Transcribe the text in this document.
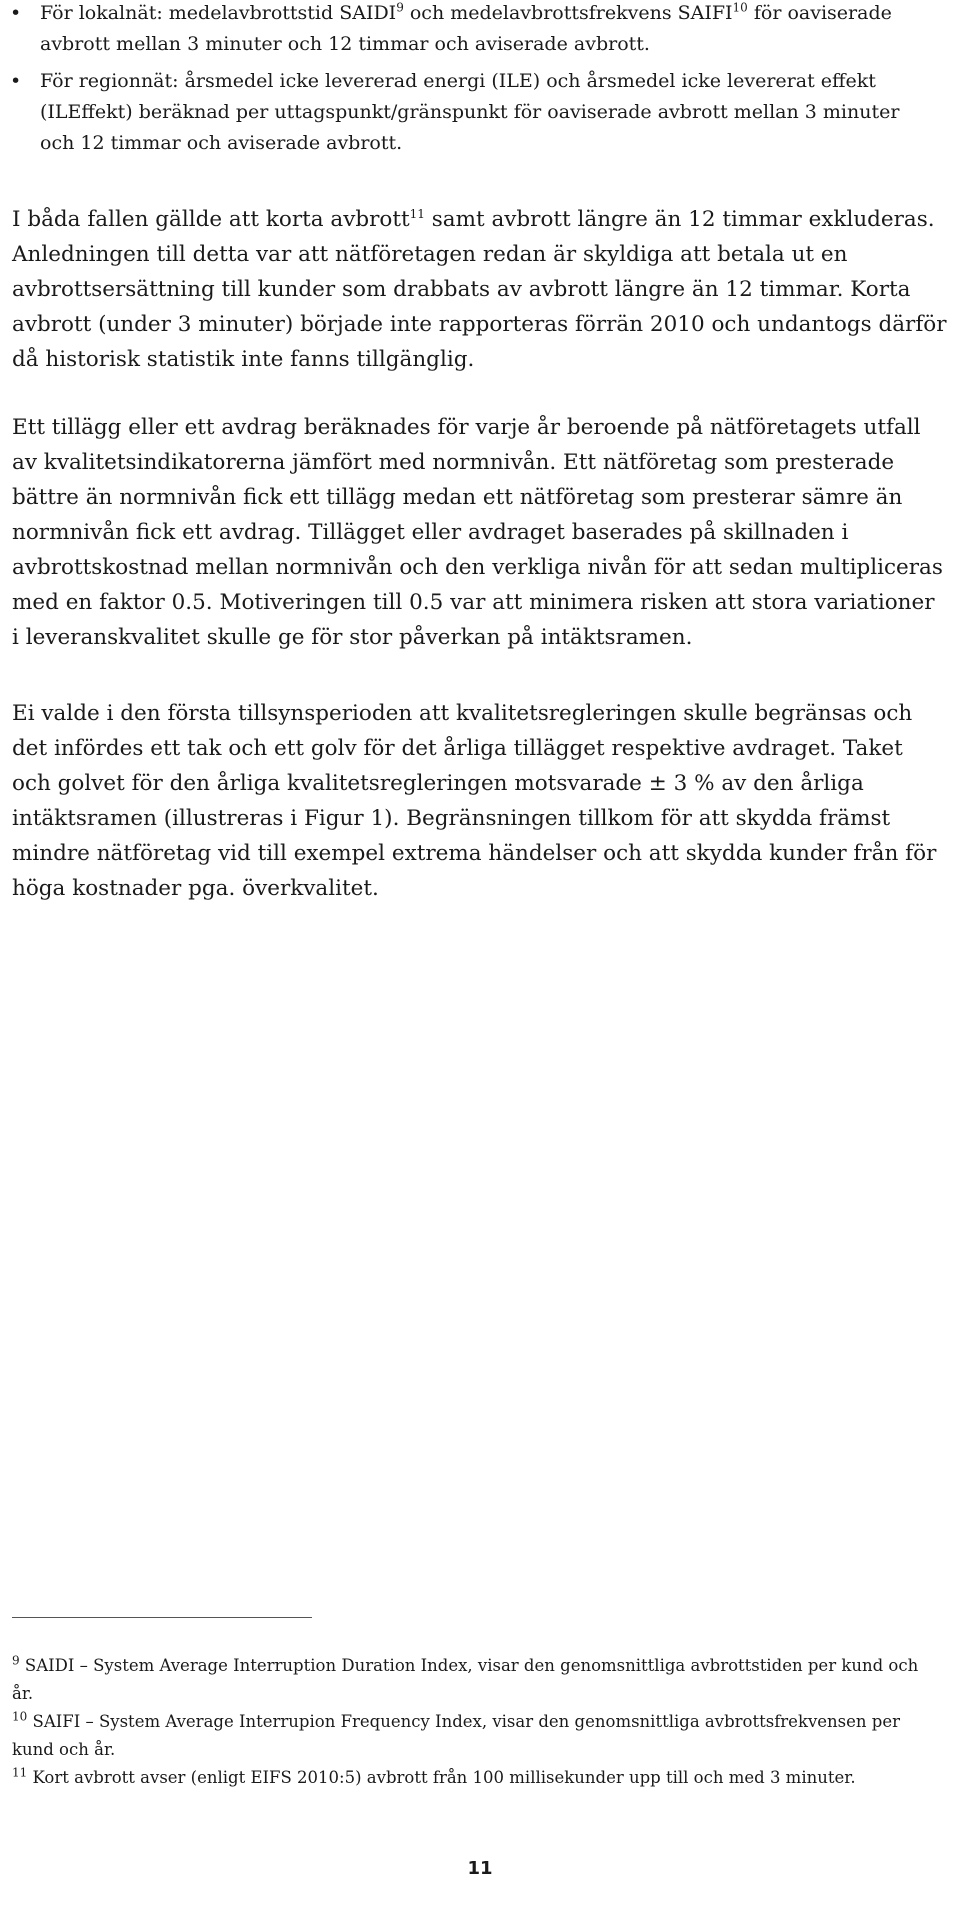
• För lokalnät: medelavbrottstid SAIDI$^9$ och medelavbrottsfrekvens SAIFI$^{10}$ för oaviserade avbrott mellan 3 minuter och 12 timmar och aviserade avbrott.
• För regionnät: årsmedel icke levererad energi (ILE) och årsmedel icke levererat effekt (ILEffekt) beräknad per uttagspunkt/gränspunkt för oaviserade avbrott mellan 3 minuter och 12 timmar och aviserade avbrott.

I båda fallen gällde att korta avbrott$^{11}$ samt avbrott längre än 12 timmar exkluderas. Anledningen till detta var att nätföretagen redan är skyldiga att betala ut en avbrottsersättning till kunder som drabbats av avbrott längre än 12 timmar. Korta avbrott (under 3 minuter) började inte rapporteras förrän 2010 och undantogs därför då historisk statistik inte fanns tillgänglig.

Ett tillägg eller ett avdrag beräknades för varje år beroende på nätföretagets utfall av kvalitetsindikatorerna jämfört med normnivån. Ett nätföretag som presterade bättre än normnivån fick ett tillägg medan ett nätföretag som presterar sämre än normnivån fick ett avdrag. Tillägget eller avdraget baserades på skillnaden i avbrottskostnad mellan normnivån och den verkliga nivån för att sedan multipliceras med en faktor 0.5. Motiveringen till 0.5 var att minimera risken att stora variationer i leveranskvalitet skulle ge för stor påverkan på intäktsramen.

Ei valde i den första tillsynsperioden att kvalitetsregleringen skulle begränsas och det infördes ett tak och ett golv för det årliga tillägget respektive avdraget. Taket och golvet för den årliga kvalitetsregleringen motsvarade ± 3 % av den årliga intäktsramen (illustreras i Figur 1). Begränsningen tillkom för att skydda främst mindre nätföretag vid till exempel extrema händelser och att skydda kunder från för höga kostnader pga. överkvalitet.

$^9$ SAIDI – System Average Interruption Duration Index, visar den genomsnittliga avbrottstiden per kund och år.

$^{10}$ SAIFI – System Average Interrupion Frequency Index, visar den genomsnittliga avbrottsfrekvensen per kund och år.

$^{11}$ Kort avbrott avser (enligt EIFS 2010:5) avbrott från 100 millisekunder upp till och med 3 minuter.

11
